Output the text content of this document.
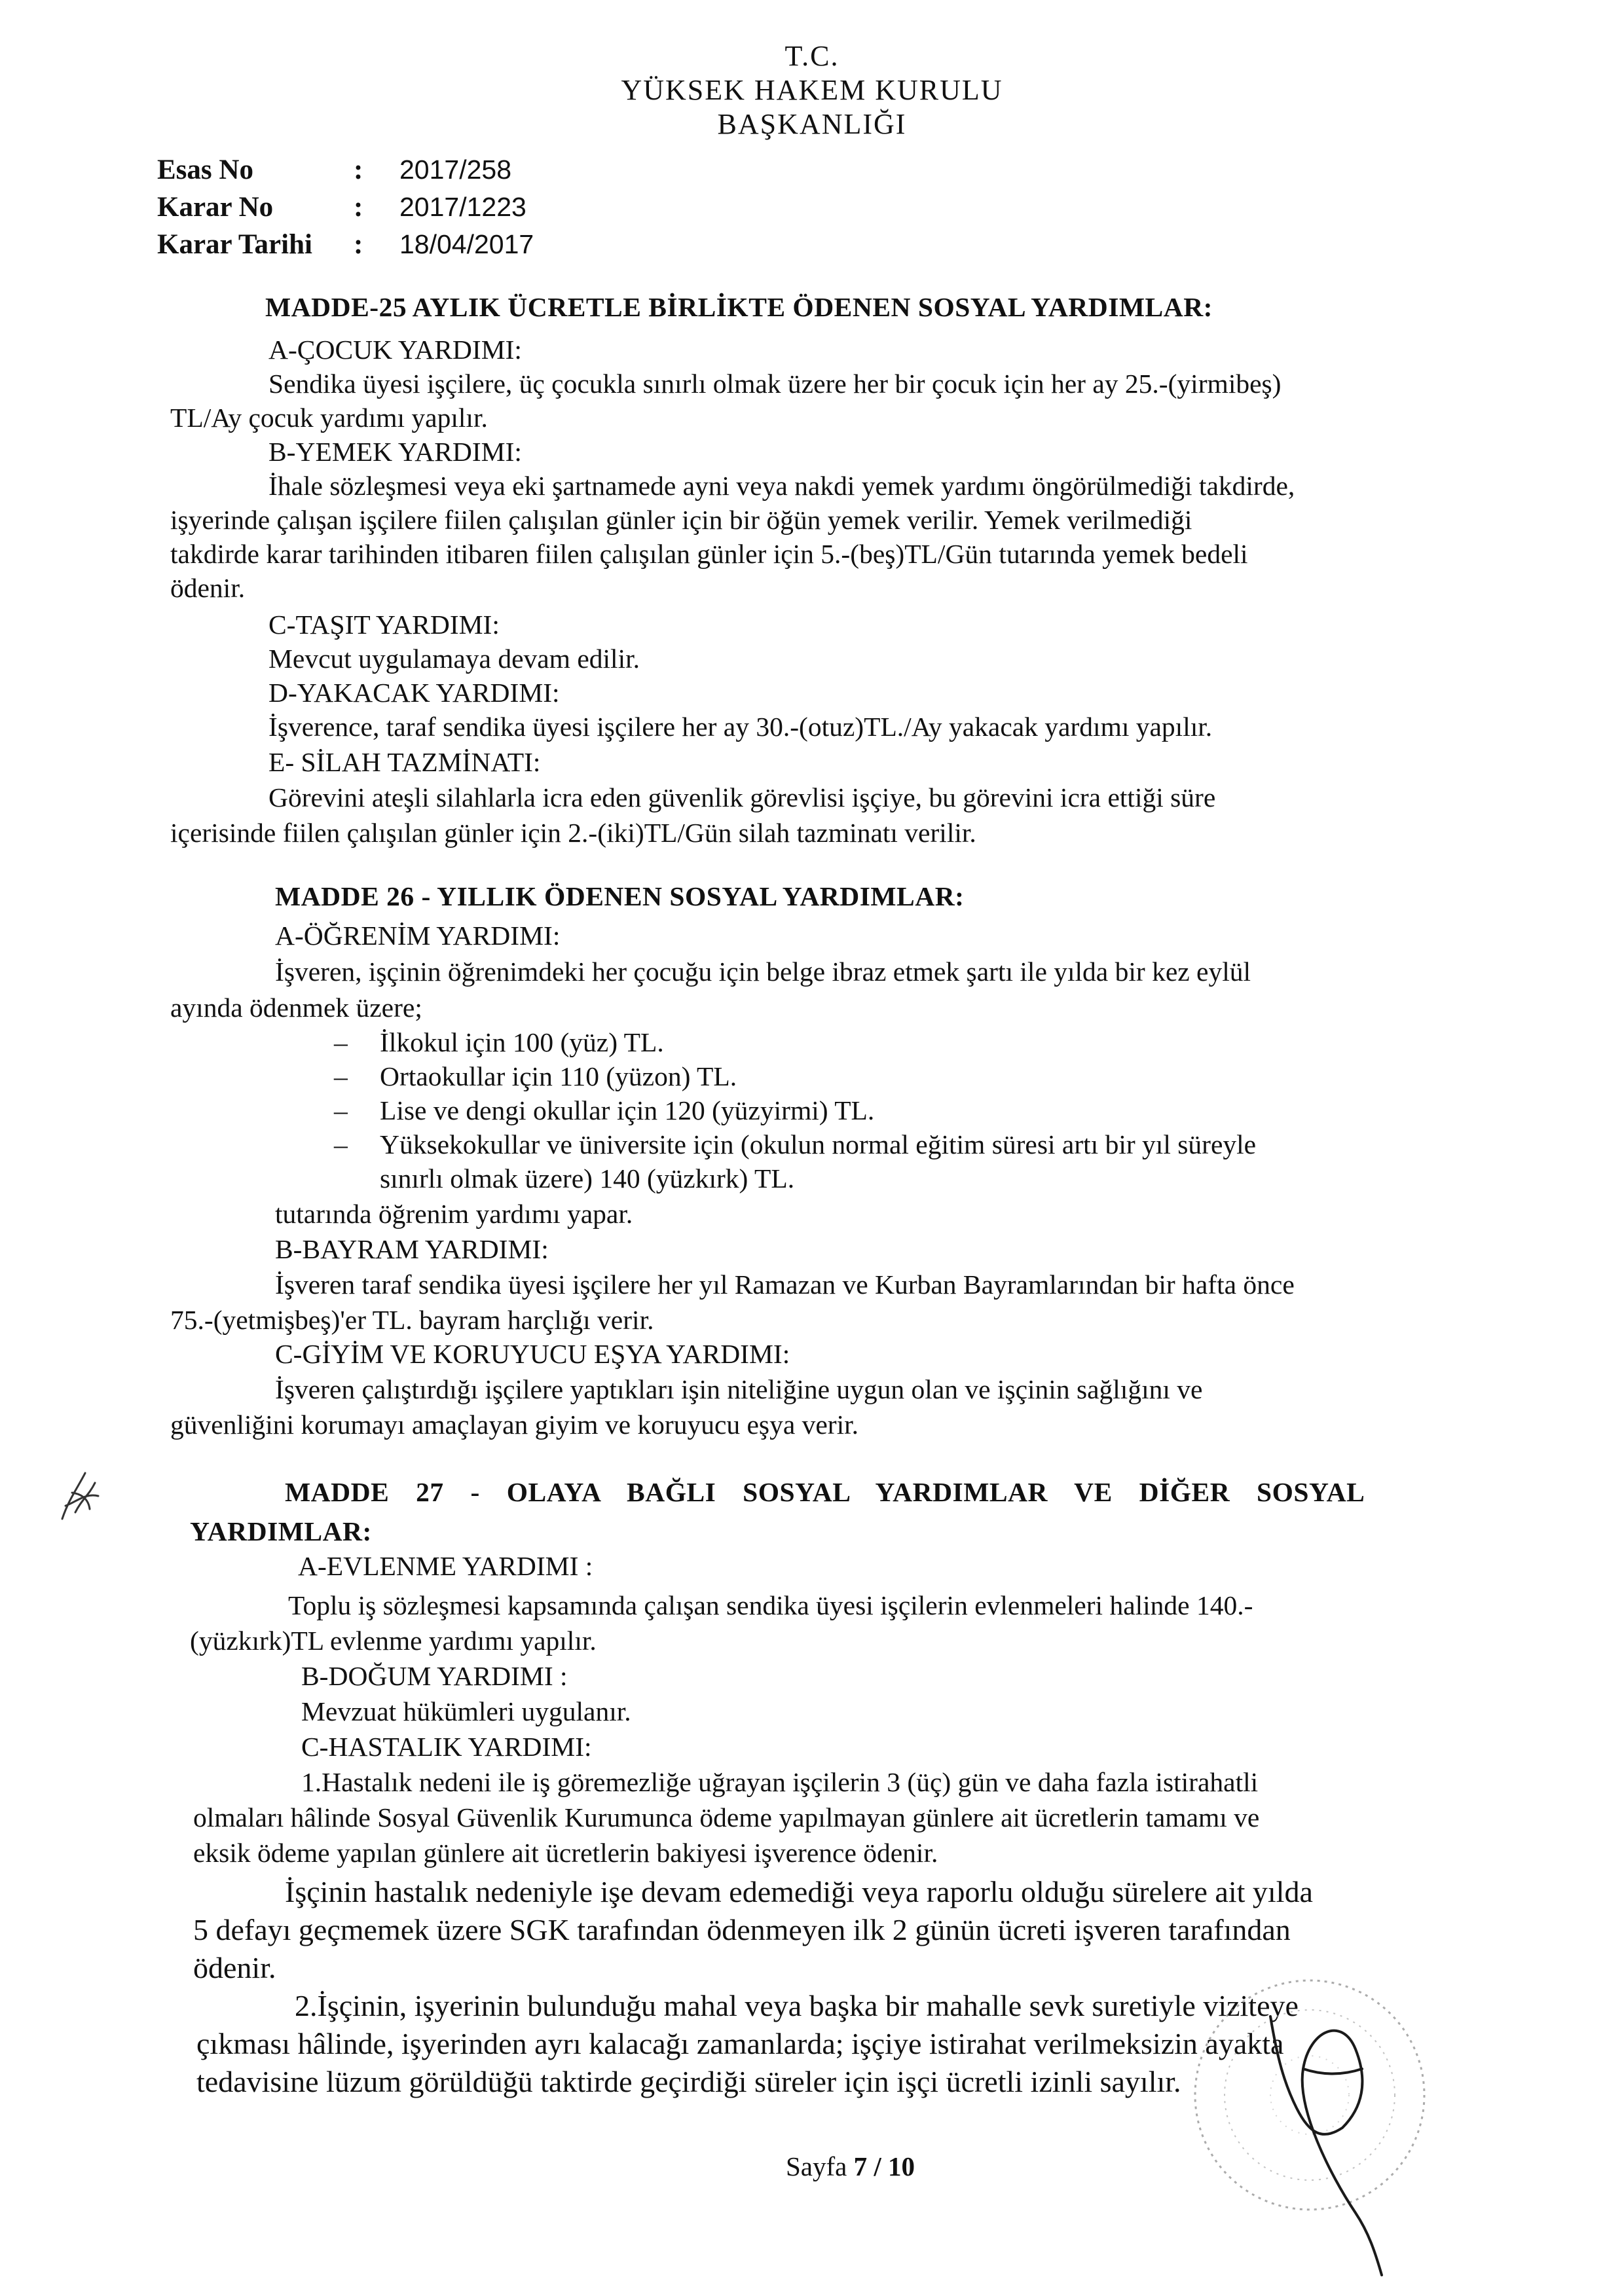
T.C.
YÜKSEK HAKEM KURULU
BAŞKANLIĞI
Esas No	: 2017/258
Karar No	: 2017/1223
Karar Tarihi : 18/04/2017
MADDE-25 AYLIK ÜCRETLE BİRLİKTE ÖDENEN SOSYAL YARDIMLAR:
A-ÇOCUK YARDIMI:
Sendika üyesi işçilere, üç çocukla sınırlı olmak üzere her bir çocuk için her ay 25.-(yirmibeş)
TL/Ay çocuk yardımı yapılır.
B-YEMEK YARDIMI:
İhale sözleşmesi veya eki şartnamede ayni veya nakdi yemek yardımı öngörülmediği takdirde,
işyerinde çalışan işçilere fiilen çalışılan günler için bir öğün yemek verilir. Yemek verilmediği
takdirde karar tarihinden itibaren fiilen çalışılan günler için 5.-(beş)TL/Gün tutarında yemek bedeli
ödenir.
C-TAŞIT YARDIMI:
Mevcut uygulamaya devam edilir.
D-YAKACAK YARDIMI:
İşverence, taraf sendika üyesi işçilere her ay 30.-(otuz)TL./Ay yakacak yardımı yapılır.
E- SİLAH TAZMİNATI:
Görevini ateşli silahlarla icra eden güvenlik görevlisi işçiye, bu görevini icra ettiği süre
içerisinde fiilen çalışılan günler için 2.-(iki)TL/Gün silah tazminatı verilir.
MADDE 26 - YILLIK ÖDENEN SOSYAL YARDIMLAR:
A-ÖĞRENİM YARDIMI:
İşveren, işçinin öğrenimdeki her çocuğu için belge ibraz etmek şartı ile yılda bir kez eylül
ayında ödenmek üzere;
– İlkokul için 100 (yüz) TL.
– Ortaokullar için 110 (yüzon) TL.
– Lise ve dengi okullar için 120 (yüzyirmi) TL.
– Yüksekokullar ve üniversite için (okulun normal eğitim süresi artı bir yıl süreyle
sınırlı olmak üzere) 140 (yüzkırk) TL.
tutarında öğrenim yardımı yapar.
B-BAYRAM YARDIMI:
İşveren taraf sendika üyesi işçilere her yıl Ramazan ve Kurban Bayramlarından bir hafta önce
75.-(yetmişbeş)'er TL. bayram harçlığı verir.
C-GİYİM VE KORUYUCU EŞYA YARDIMI:
İşveren çalıştırdığı işçilere yaptıkları işin niteliğine uygun olan ve işçinin sağlığını ve
güvenliğini korumayı amaçlayan giyim ve koruyucu eşya verir.
MADDE 27 - OLAYA BAĞLI SOSYAL YARDIMLAR VE DİĞER SOSYAL
YARDIMLAR:
A-EVLENME YARDIMI :
Toplu iş sözleşmesi kapsamında çalışan sendika üyesi işçilerin evlenmeleri halinde 140.-
(yüzkırk)TL evlenme yardımı yapılır.
B-DOĞUM YARDIMI :
Mevzuat hükümleri uygulanır.
C-HASTALIK YARDIMI:
1.Hastalık nedeni ile iş göremezliğe uğrayan işçilerin 3 (üç) gün ve daha fazla istirahatli
olmaları hâlinde Sosyal Güvenlik Kurumunca ödeme yapılmayan günlere ait ücretlerin tamamı ve
eksik ödeme yapılan günlere ait ücretlerin bakiyesi işverence ödenir.
İşçinin hastalık nedeniyle işe devam edemediği veya raporlu olduğu sürelere ait yılda
5 defayı geçmemek üzere SGK tarafından ödenmeyen ilk 2 günün ücreti işveren tarafından
ödenir.
2.İşçinin, işyerinin bulunduğu mahal veya başka bir mahalle sevk suretiyle viziteye
çıkması hâlinde, işyerinden ayrı kalacağı zamanlarda; işçiye istirahat verilmeksizin ayakta
tedavisine lüzum görüldüğü taktirde geçirdiği süreler için işçi ücretli izinli sayılır.
Sayfa 7 / 10
